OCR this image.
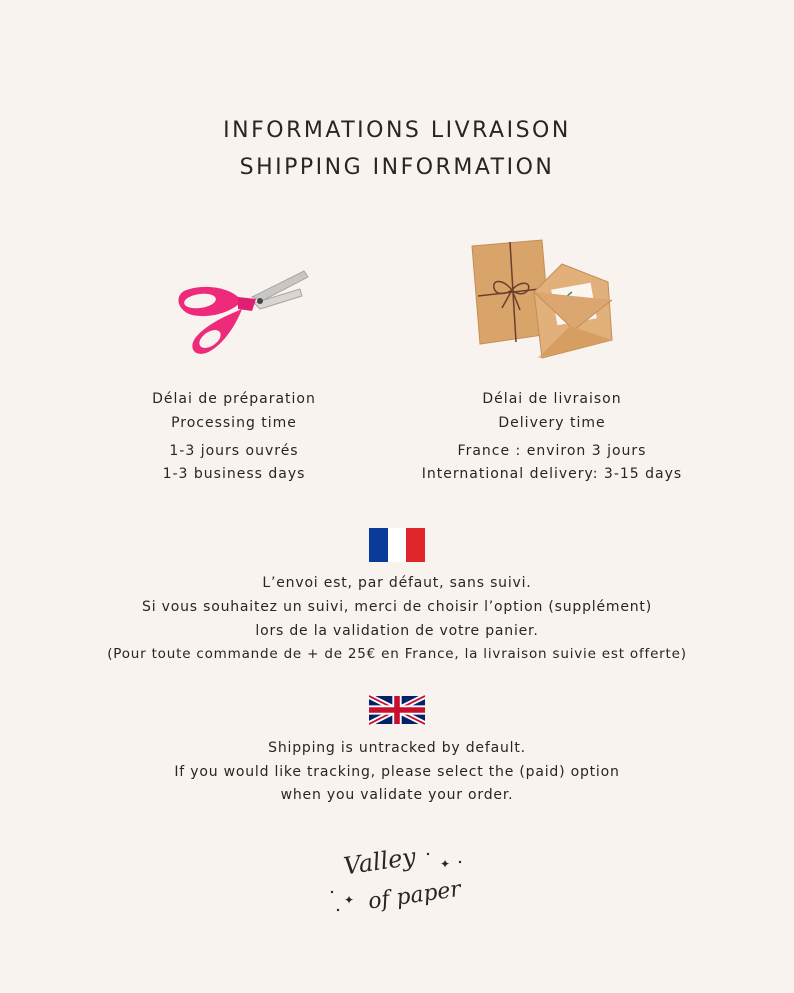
INFORMATIONS LIVRAISON
SHIPPING INFORMATION
Délai de préparation
Processing time
1-3 jours ouvrés
1-3 business days
Délai de livraison
Delivery time
France : environ 3 jours
International delivery: 3-15 days
L’envoi est, par défaut, sans suivi.
Si vous souhaitez un suivi, merci de choisir l’option (supplément)
lors de la validation de votre panier.
(Pour toute commande de + de 25€ en France, la livraison suivie est offerte)
Shipping is untracked by default.
If you would like tracking, please select the (paid) option
when you validate your order.
Valley
of paper
✦
✦
